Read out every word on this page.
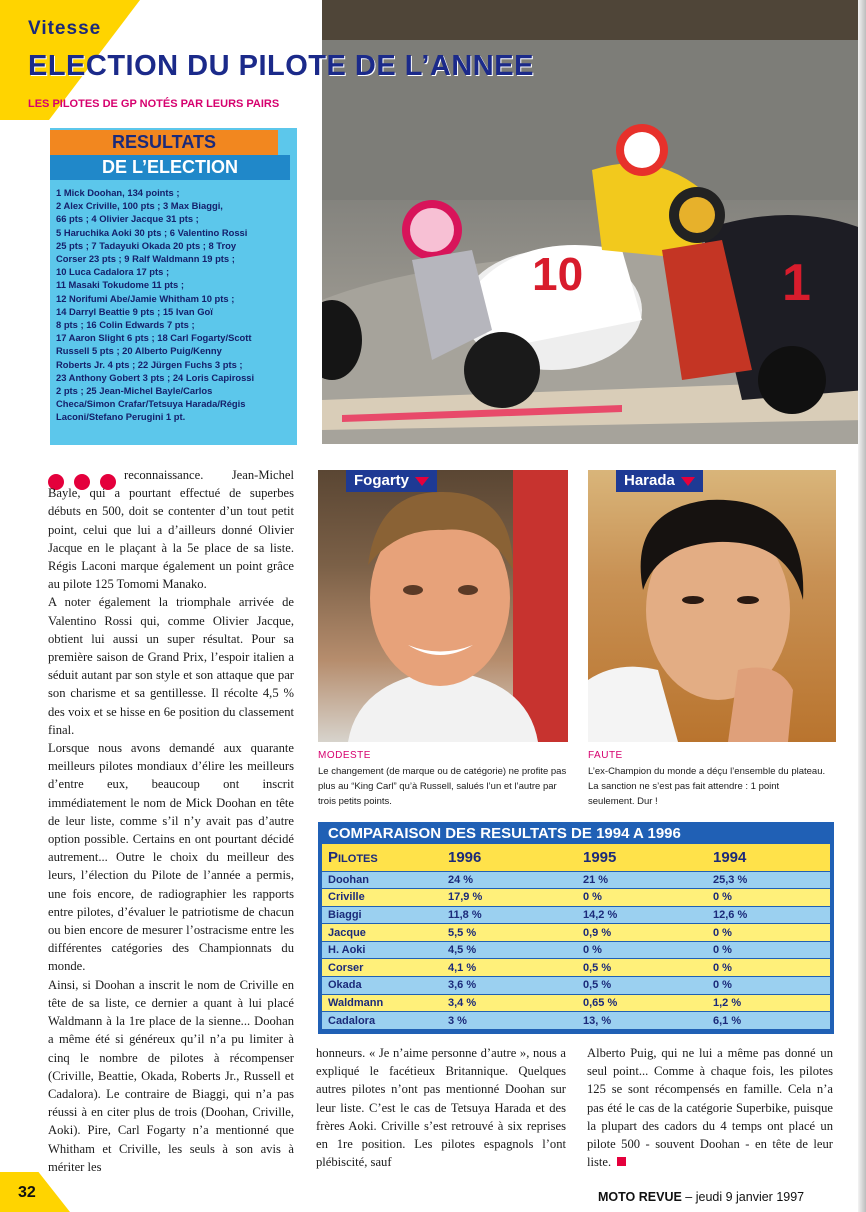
10	1
Vitesse
ELECTION DU PILOTE DE L’ANNEE
LES PILOTES DE GP NOTÉS PAR LEURS PAIRS
RESULTATS
DE L’ELECTION
1 Mick Doohan, 134 points ;
2 Alex Criville, 100 pts ; 3 Max Biaggi,
66 pts ; 4 Olivier Jacque 31 pts ;
5 Haruchika Aoki 30 pts ; 6 Valentino Rossi
25 pts ; 7 Tadayuki Okada 20 pts ; 8 Troy
Corser 23 pts ; 9 Ralf Waldmann 19 pts ;
10 Luca Cadalora 17 pts ;
11 Masaki Tokudome 11 pts ;
12 Norifumi Abe/Jamie Whitham 10 pts ;
14 Darryl Beattie 9 pts ; 15 Ivan Goï
8 pts ; 16 Colin Edwards 7 pts ;
17 Aaron Slight 6 pts ; 18 Carl Fogarty/Scott
Russell 5 pts ; 20 Alberto Puig/Kenny
Roberts Jr. 4 pts ; 22 Jürgen Fuchs 3 pts ;
23 Anthony Gobert 3 pts ; 24 Loris Capirossi
2 pts ; 25 Jean-Michel Bayle/Carlos
Checa/Simon Crafar/Tetsuya Harada/Régis
Laconi/Stefano Perugini 1 pt.

reconnaissance. Jean-Michel Bayle, qui a pourtant effectué de superbes débuts en 500, doit se contenter d’un tout petit point, celui que lui a d’ailleurs donné Olivier Jacque en le plaçant à la 5e place de sa liste. Régis Laconi marque également un point grâce au pilote 125 Tomomi Manako.

A noter également la triomphale arrivée de Valentino Rossi qui, comme Olivier Jacque, obtient lui aussi un super résultat. Pour sa première saison de Grand Prix, l’espoir italien a séduit autant par son style et son attaque que par son charisme et sa gentillesse. Il récolte 4,5 % des voix et se hisse en 6e position du classement final.

Lorsque nous avons demandé aux quarante meilleurs pilotes mondiaux d’élire les meilleurs d’entre eux, beaucoup ont inscrit immédiatement le nom de Mick Doohan en tête de leur liste, comme s’il n’y avait pas d’autre option possible. Certains en ont pourtant décidé autrement... Outre le choix du meilleur des leurs, l’élection du Pilote de l’année a permis, une fois encore, de radiographier les rapports entre pilotes, d’évaluer le patriotisme de chacun ou bien encore de mesurer l’ostracisme entre les différentes catégories des Championnats du monde.

Ainsi, si Doohan a inscrit le nom de Criville en tête de sa liste, ce dernier a quant à lui placé Waldmann à la 1re place de la sienne... Doohan a même été si généreux qu’il n’a pu limiter à cinq le nombre de pilotes à récompenser (Criville, Beattie, Okada, Roberts Jr., Russell et Cadalora). Le contraire de Biaggi, qui n’a pas réussi à en citer plus de trois (Doohan, Criville, Aoki). Pire, Carl Fogarty n’a mentionné que Whitham et Criville, les seuls à son avis à mériter les

Fogarty	Harada
MODESTE
Le changement (de marque ou de catégorie) ne profite pas plus au “King Carl” qu’à Russell, salués l’un et l’autre par trois petits points.
FAUTE
L’ex-Champion du monde a déçu l’ensemble du plateau. La sanction ne s’est pas fait attendre : 1 point seulement. Dur !
COMPARAISON DES RESULTATS DE 1994 A 1996
Pilotes	1996	1995	1994
Doohan	24 %	21 %	25,3 %
Criville	17,9 %	0 %	0 %
Biaggi	11,8 %	14,2 %	12,6 %
Jacque	5,5 %	0,9 %	0 %
H. Aoki	4,5 %	0 %	0 %
Corser	4,1 %	0,5 %	0 %
Okada	3,6 %	0,5 %	0 %
Waldmann	3,4 %	0,65 %	1,2 %
Cadalora	3 %	13, %	6,1 %

honneurs. « Je n’aime personne d’autre », nous a expliqué le facétieux Britannique. Quelques autres pilotes n’ont pas mentionné Doohan sur leur liste. C’est le cas de Tetsuya Harada et des frères Aoki. Criville s’est retrouvé à six reprises en 1re position. Les pilotes espagnols l’ont plébiscité, sauf

Alberto Puig, qui ne lui a même pas donné un seul point... Comme à chaque fois, les pilotes 125 se sont récompensés en famille. Cela n’a pas été le cas de la catégorie Superbike, puisque la plupart des cadors du 4 temps ont placé un pilote 500 - souvent Doohan - en tête de leur liste.

32	MOTO REVUE – jeudi 9 janvier 1997
